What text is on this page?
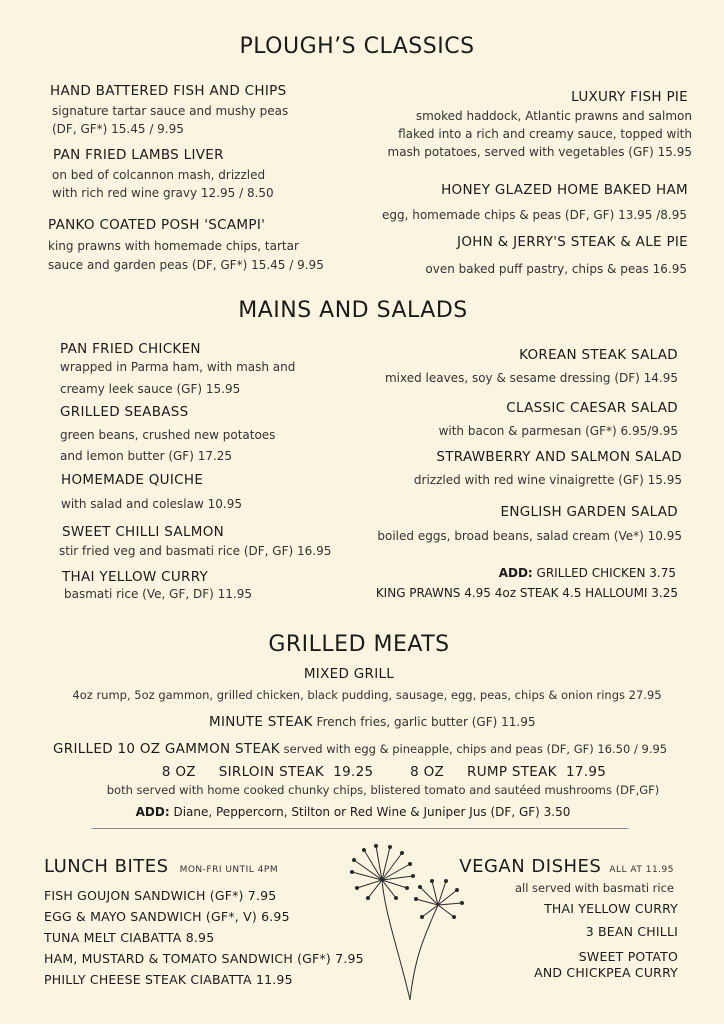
PLOUGH’S CLASSICS
HAND BATTERED FISH AND CHIPS
signature tartar sauce and mushy peas
(DF, GF*) 15.45 / 9.95
PAN FRIED LAMBS LIVER
on bed of colcannon mash, drizzled
with rich red wine gravy 12.95 / 8.50
PANKO COATED POSH 'SCAMPI'
king prawns with homemade chips, tartar
sauce and garden peas (DF, GF*) 15.45 / 9.95
LUXURY FISH PIE
smoked haddock, Atlantic prawns and salmon
flaked into a rich and creamy sauce, topped with
mash potatoes, served with vegetables (GF) 15.95
HONEY GLAZED HOME BAKED HAM
egg, homemade chips & peas (DF, GF) 13.95 /8.95
JOHN & JERRY'S STEAK & ALE PIE
oven baked puff pastry, chips & peas 16.95
MAINS AND SALADS
PAN FRIED CHICKEN
wrapped in Parma ham, with mash and
creamy leek sauce (GF) 15.95
GRILLED SEABASS
green beans, crushed new potatoes
and lemon butter (GF) 17.25
HOMEMADE QUICHE
with salad and coleslaw 10.95
SWEET CHILLI SALMON
stir fried veg and basmati rice (DF, GF) 16.95
THAI YELLOW CURRY
basmati rice (Ve, GF, DF) 11.95
KOREAN STEAK SALAD
mixed leaves, soy & sesame dressing (DF) 14.95
CLASSIC CAESAR SALAD
with bacon & parmesan (GF*) 6.95/9.95
STRAWBERRY AND SALMON SALAD
drizzled with red wine vinaigrette (GF) 15.95
ENGLISH GARDEN SALAD
boiled eggs, broad beans, salad cream (Ve*) 10.95
ADD: GRILLED CHICKEN 3.75
KING PRAWNS 4.95 4oz STEAK 4.5 HALLOUMI 3.25
GRILLED MEATS
MIXED GRILL
4oz rump, 5oz gammon, grilled chicken, black pudding, sausage, egg, peas, chips & onion rings 27.95
MINUTE STEAK French fries, garlic butter (GF) 11.95
GRILLED 10 OZ GAMMON STEAK served with egg & pineapple, chips and peas (DF, GF) 16.50 / 9.95
8 OZ     SIRLOIN STEAK  19.25        8 OZ     RUMP STEAK  17.95
both served with home cooked chunky chips, blistered tomato and sautéed mushrooms (DF,GF)
ADD: Diane, Peppercorn, Stilton or Red Wine & Juniper Jus (DF, GF) 3.50
LUNCH BITES MON-FRI UNTIL 4PM
FISH GOUJON SANDWICH (GF*) 7.95
EGG & MAYO SANDWICH (GF*, V) 6.95
TUNA MELT CIABATTA 8.95
HAM, MUSTARD & TOMATO SANDWICH (GF*) 7.95
PHILLY CHEESE STEAK CIABATTA 11.95
VEGAN DISHES ALL AT 11.95
all served with basmati rice
THAI YELLOW CURRY
3 BEAN CHILLI
SWEET POTATO
AND CHICKPEA CURRY
